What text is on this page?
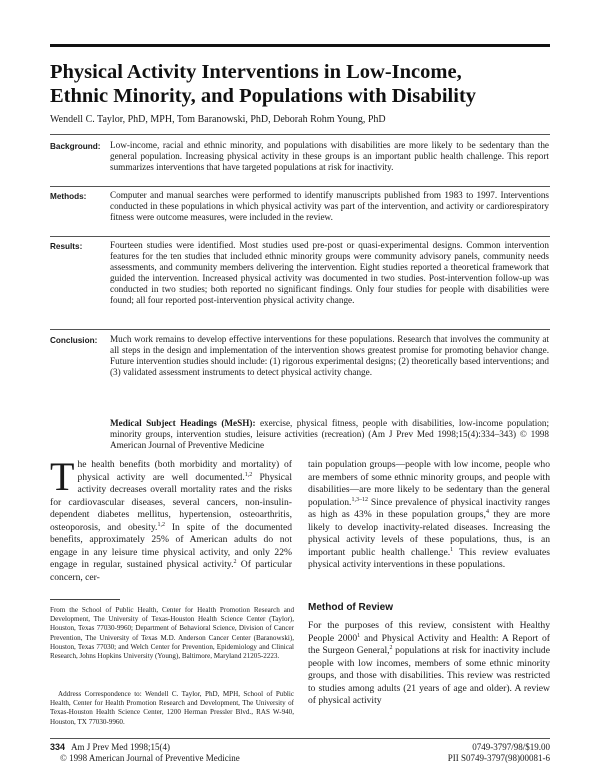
Physical Activity Interventions in Low-Income,
Ethnic Minority, and Populations with Disability

Wendell C. Taylor, PhD, MPH, Tom Baranowski, PhD, Deborah Rohm Young, PhD

Background:	Low-income, racial and ethnic minority, and populations with disabilities are more likely to be sedentary than the general population. Increasing physical activity in these groups is an important public health challenge. This report summarizes interventions that have targeted populations at risk for inactivity.

Methods:	Computer and manual searches were performed to identify manuscripts published from 1983 to 1997. Interventions conducted in these populations in which physical activity was part of the intervention, and activity or cardiorespiratory fitness were outcome measures, were included in the review.

Results:	Fourteen studies were identified. Most studies used pre-post or quasi-experimental designs. Common intervention features for the ten studies that included ethnic minority groups were community advisory panels, community needs assessments, and community members delivering the intervention. Eight studies reported a theoretical framework that guided the intervention. Increased physical activity was documented in two studies. Post-intervention follow-up was conducted in two studies; both reported no significant findings. Only four studies for people with disabilities were found; all four reported post-intervention physical activity change.

Conclusion:	Much work remains to develop effective interventions for these populations. Research that involves the community at all steps in the design and implementation of the intervention shows greatest promise for promoting behavior change. Future intervention studies should include: (1) rigorous experimental designs; (2) theoretically based interventions; and (3) validated assessment instruments to detect physical activity change.

Medical Subject Headings (MeSH): exercise, physical fitness, people with disabilities, low-income population; minority groups, intervention studies, leisure activities (recreation) (Am J Prev Med 1998;15(4):334–343) © 1998 American Journal of Preventive Medicine

The health benefits (both morbidity and mortality) of physical activity are well documented.$^{1,2}$ Physical activity decreases overall mortality rates and the risks for cardiovascular diseases, several cancers, non-insulin-dependent diabetes mellitus, hypertension, osteoarthritis, osteoporosis, and obesity.$^{1,2}$ In spite of the documented benefits, approximately 25% of American adults do not engage in any leisure time physical activity, and only 22% engage in regular, sustained physical activity.$^2$ Of particular concern, cer-

tain population groups—people with low income, people who are members of some ethnic minority groups, and people with disabilities—are more likely to be sedentary than the general population.$^{1,3-12}$ Since prevalence of physical inactivity ranges as high as 43% in these population groups,$^4$ they are more likely to develop inactivity-related diseases. Increasing the physical activity levels of these populations, thus, is an important public health challenge.$^1$ This review evaluates physical activity interventions in these populations.

Method of Review

For the purposes of this review, consistent with Healthy People 2000$^1$ and Physical Activity and Health: A Report of the Surgeon General,$^2$ populations at risk for inactivity include people with low incomes, members of some ethnic minority groups, and those with disabilities. This review was restricted to studies among adults (21 years of age and older). A review of physical activity

From the School of Public Health, Center for Health Promotion Research and Development, The University of Texas-Houston Health Science Center (Taylor), Houston, Texas 77030-9960; Department of Behavioral Science, Division of Cancer Prevention, The University of Texas M.D. Anderson Cancer Center (Baranowski), Houston, Texas 77030; and Welch Center for Prevention, Epidemiology and Clinical Research, Johns Hopkins University (Young), Baltimore, Maryland 21205-2223.

Address Correspondence to: Wendell C. Taylor, PhD, MPH, School of Public Health, Center for Health Promotion Research and Development, The University of Texas-Houston Health Science Center, 1200 Herman Pressler Blvd., RAS W-940, Houston, TX 77030-9960.

334 Am J Prev Med 1998;15(4)

© 1998 American Journal of Preventive Medicine

0749-3797/98/$19.00

PII S0749-3797(98)00081-6
